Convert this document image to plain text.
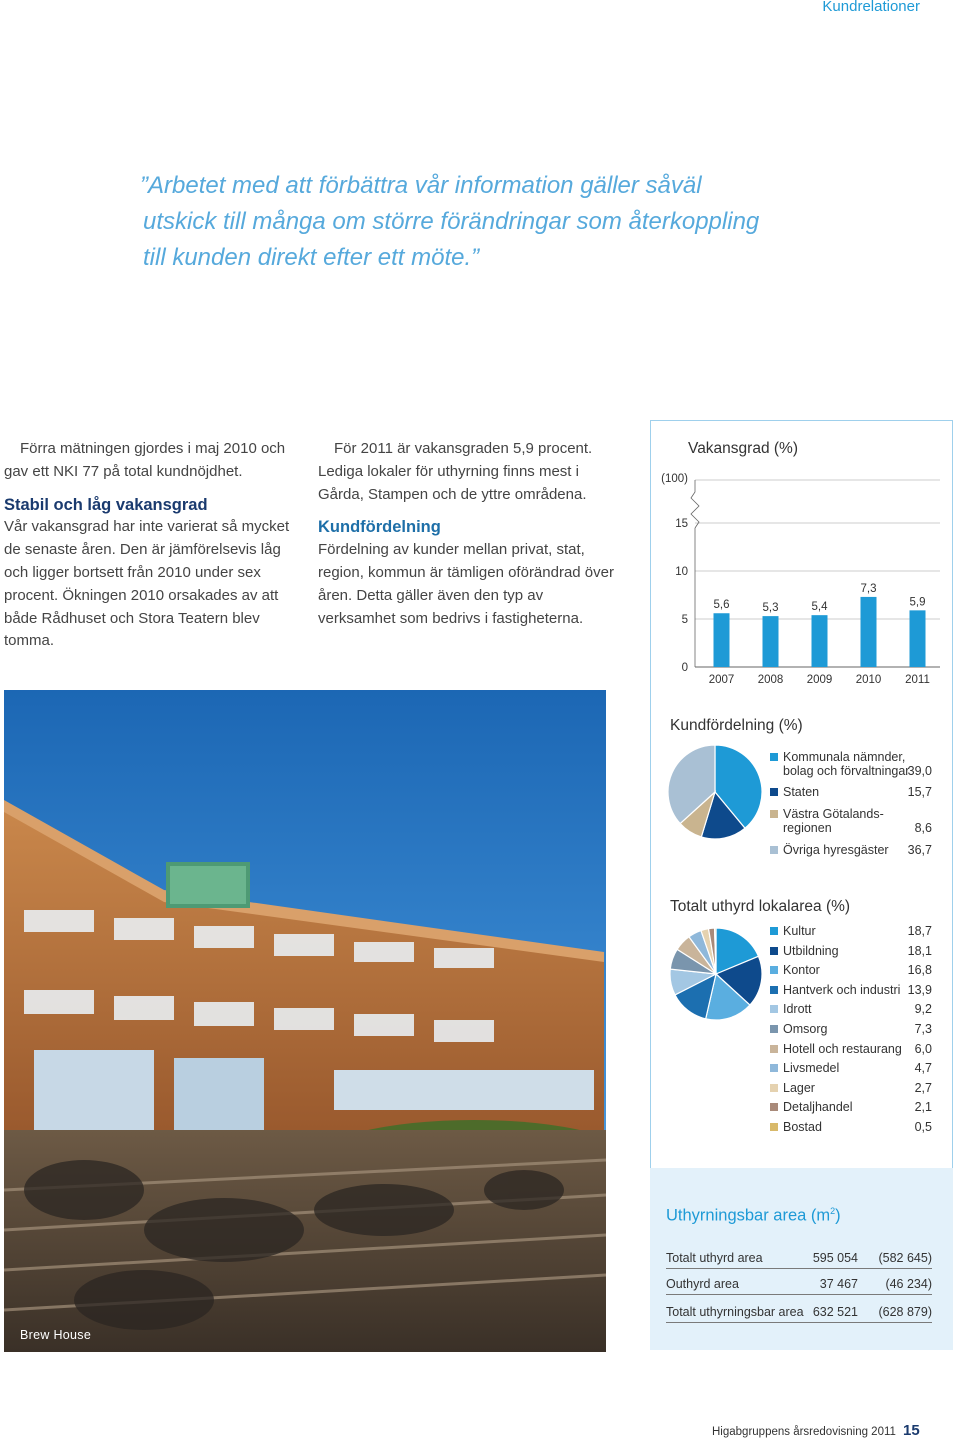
Kundrelationer
”Arbetet med att förbättra vår information gäller såväl
utskick till många om större förändringar som återkoppling
till kunden direkt efter ett möte.”

Förra mätningen gjordes i maj 2010 och gav ett NKI 77 på total kundnöjdhet.

Stabil och låg vakansgrad

Vår vakansgrad har inte varierat så mycket de senaste åren. Den är jämförelsevis låg och ligger bortsett från 2010 under sex procent. Ökningen 2010 orsakades av att både Rådhuset och Stora Teatern blev tomma.

För 2011 är vakansgraden 5,9 procent. Lediga lokaler för uthyrning finns mest i Gårda, Stampen och de yttre områdena.

Kundfördelning

Fördelning av kunder mellan privat, stat, region, kommun är tämligen oförändrad över åren. Detta gäller även den typ av verksamhet som bedrivs i fastigheterna.

Vakansgrad (%)
0
5
10
15
(100)
5,6
2007
5,3
2008
5,4
2009
7,3
2010
5,9
2011
Kundfördelning (%)
Kommunala nämnder,
bolag och förvaltningar
39,0
Staten	15,7
Västra Götalands-
regionen	8,6
Övriga hyresgäster 36,7
Totalt uthyrd lokalarea (%)
Kultur	18,7
Utbildning	18,1
Kontor	16,8
Hantverk och industri 13,9
Idrott	9,2
Omsorg	7,3
Hotell och restaurang 6,0
Livsmedel	4,7
Lager	2,7
Detaljhandel	2,1
Bostad	0,5
Uthyrningsbar area $(m^2)$
Totalt uthyrd area	595 054 (582 645)
Outhyrd area	37 467 (46 234)
Totalt uthyrningsbar area 632 521 (628 879)
Brew House
Higabgruppens årsredovisning 2011 15
